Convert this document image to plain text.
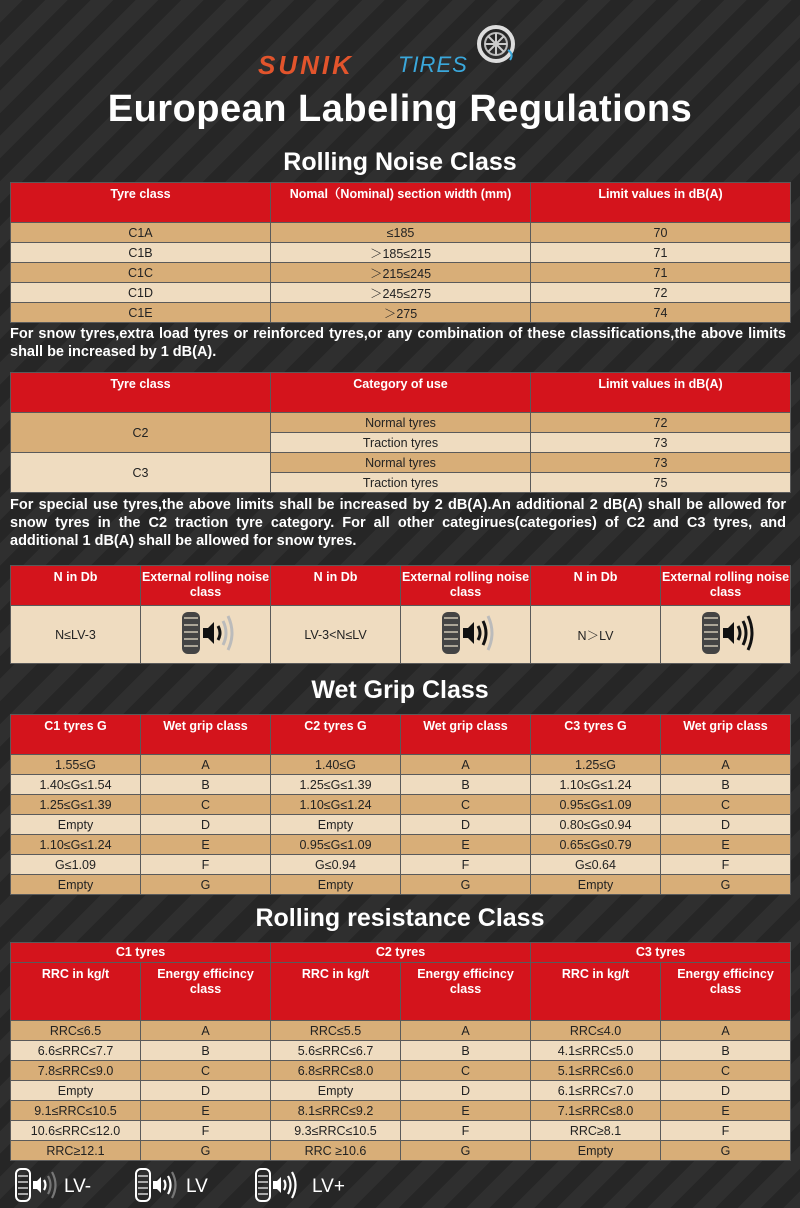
SUNIK TIRES
European Labeling Regulations
Rolling Noise Class
Tyre class	Nomal（Nominal) section width (mm)	Limit values in dB(A)
C1A	≤185	70
C1B	＞185≤215	71
C1C	＞215≤245	71
C1D	＞245≤275	72
C1E	＞275	74
For snow tyres,extra load tyres or reinforced tyres,or any combination of these classifications,the above limits shall be increased by 1 dB(A).
Tyre class	Category of use	Limit values in dB(A)
C2	Normal tyres	72
	Traction tyres	73
C3	Normal tyres	73
	Traction tyres	75
For special use tyres,the above limits shall be increased by 2 dB(A).An additional 2 dB(A) shall be allowed for snow tyres in the C2 traction tyre category. For all other categirues(categories) of C2 and C3 tyres, and additional 1 dB(A) shall be allowed for snow tyres.
N in Db	External rolling noise class	N in Db	External rolling noise class	N in Db	External rolling noise class
N≤LV-3		LV-3<N≤LV		N＞LV	
Wet Grip Class
C1 tyres G	Wet grip class	C2 tyres G	Wet grip class	C3 tyres G	Wet grip class
1.55≤G	A	1.40≤G	A	1.25≤G	A
1.40≤G≤1.54	B	1.25≤G≤1.39	B	1.10≤G≤1.24	B
1.25≤G≤1.39	C	1.10≤G≤1.24	C	0.95≤G≤1.09	C
Empty	D	Empty	D	0.80≤G≤0.94	D
1.10≤G≤1.24	E	0.95≤G≤1.09	E	0.65≤G≤0.79	E
G≤1.09	F	G≤0.94	F	G≤0.64	F
Empty	G	Empty	G	Empty	G
Rolling resistance Class
C1 tyres		C2 tyres		C3 tyres	
RRC in kg/t	Energy efficincy class	RRC in kg/t	Energy efficincy class	RRC in kg/t	Energy efficincy class
RRC≤6.5	A	RRC≤5.5	A	RRC≤4.0	A
6.6≤RRC≤7.7	B	5.6≤RRC≤6.7	B	4.1≤RRC≤5.0	B
7.8≤RRC≤9.0	C	6.8≤RRC≤8.0	C	5.1≤RRC≤6.0	C
Empty	D	Empty	D	6.1≤RRC≤7.0	D
9.1≤RRC≤10.5	E	8.1≤RRC≤9.2	E	7.1≤RRC≤8.0	E
10.6≤RRC≤12.0	F	9.3≤RRC≤10.5	F	RRC≥8.1	F
RRC≥12.1	G	RRC ≥10.6	G	Empty	G
LV-	LV	LV+
